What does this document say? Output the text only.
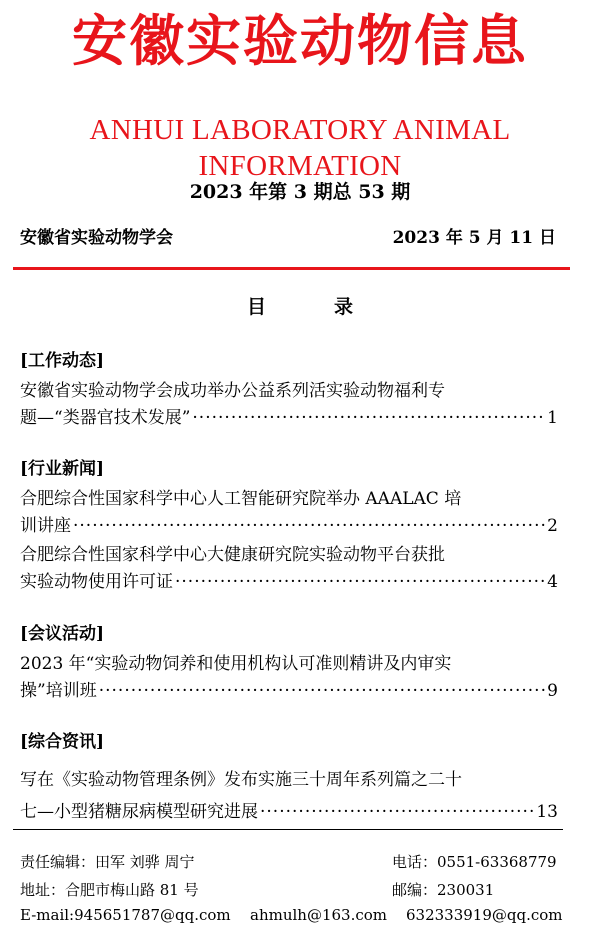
安徽实验动物信息
ANHUI LABORATORY ANIMAL INFORMATION
2023 年第 3 期总 53 期
安徽省实验动物学会	2023 年 5 月 11 日
目录
[工作动态]
安徽省实验动物学会成功举办公益系列活实验动物福利专
题—“类器官技术发展” ·····	1
[行业新闻]
合肥综合性国家科学中心人工智能研究院举办 AAALAC 培
训讲座 ·····	2
合肥综合性国家科学中心大健康研究院实验动物平台获批
实验动物使用许可证 ·····	4
[会议活动]
2023 年“实验动物饲养和使用机构认可准则精讲及内审实
操”培训班 ·····	9
[综合资讯]
写在《实验动物管理条例》发布实施三十周年系列篇之二十
七—小型猪糖尿病模型研究进展 ·····	13
责任编辑：田军 刘骅 周宁	电话：0551-63368779
地址：合肥市梅山路 81 号	邮编：230031
E-mail:945651787@qq.com ahmulh@163.com 632333919@qq.com
